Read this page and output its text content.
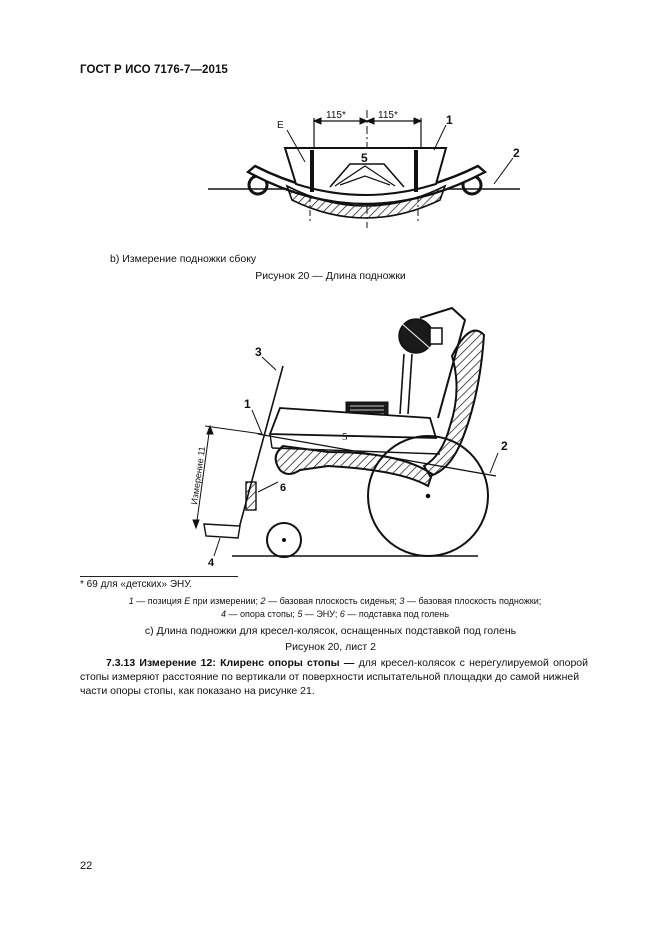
ГОСТ Р ИСО 7176-7—2015
115*	115*
E	1
2
5
3
1
2
5
6
4
Измерение 11
b) Измерение подножки сбоку
Рисунок 20 — Длина подножки
* 69 для «детских» ЭНУ.
1 — позиция E при измерении; 2 — базовая плоскость сиденья; 3 — базовая плоскость подножки;
4 — опора стопы; 5 — ЭНУ; 6 — подставка под голень
с) Длина подножки для кресел-колясок, оснащенных подставкой под голень
Рисунок 20, лист 2
7.3.13 Измерение 12: Клиренс опоры стопы — для кресел-колясок с нерегулируемой опорой
стопы измеряют расстояние по вертикали от поверхности испытательной площадки до самой нижней
части опоры стопы, как показано на рисунке 21.
22
